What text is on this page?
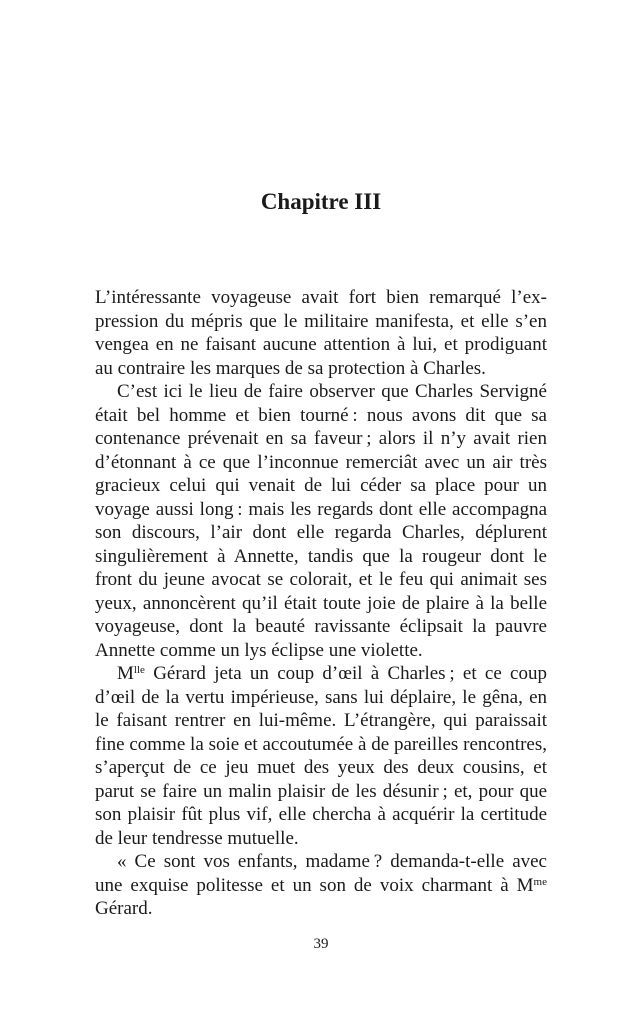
Chapitre III

L’intéressante voyageuse avait fort bien remarqué l’expression du mépris que le militaire manifesta, et elle s’en vengea en ne faisant aucune attention à lui, et prodiguant au contraire les marques de sa protection à Charles.

C’est ici le lieu de faire observer que Charles Servigné était bel homme et bien tourné : nous avons dit que sa contenance prévenait en sa faveur ; alors il n’y avait rien d’étonnant à ce que l’inconnue remerciât avec un air très gracieux celui qui venait de lui céder sa place pour un voyage aussi long : mais les regards dont elle accompagna son discours, l’air dont elle regarda Charles, déplurent singulièrement à Annette, tandis que la rougeur dont le front du jeune avocat se colorait, et le feu qui animait ses yeux, annoncèrent qu’il était toute joie de plaire à la belle voyageuse, dont la beauté ravissante éclipsait la pauvre Annette comme un lys éclipse une violette.

$M^{lle}$ Gérard jeta un coup d’œil à Charles ; et ce coup d’œil de la vertu impérieuse, sans lui déplaire, le gêna, en le faisant rentrer en lui-même. L’étrangère, qui paraissait fine comme la soie et accoutumée à de pareilles rencontres, s’aperçut de ce jeu muet des yeux des deux cousins, et parut se faire un malin plaisir de les désunir ; et, pour que son plaisir fût plus vif, elle chercha à acquérir la certitude de leur tendresse mutuelle.

« Ce sont vos enfants, madame ? demanda-t-elle avec une exquise politesse et un son de voix charmant à $M^{me}$ Gérard.

39
